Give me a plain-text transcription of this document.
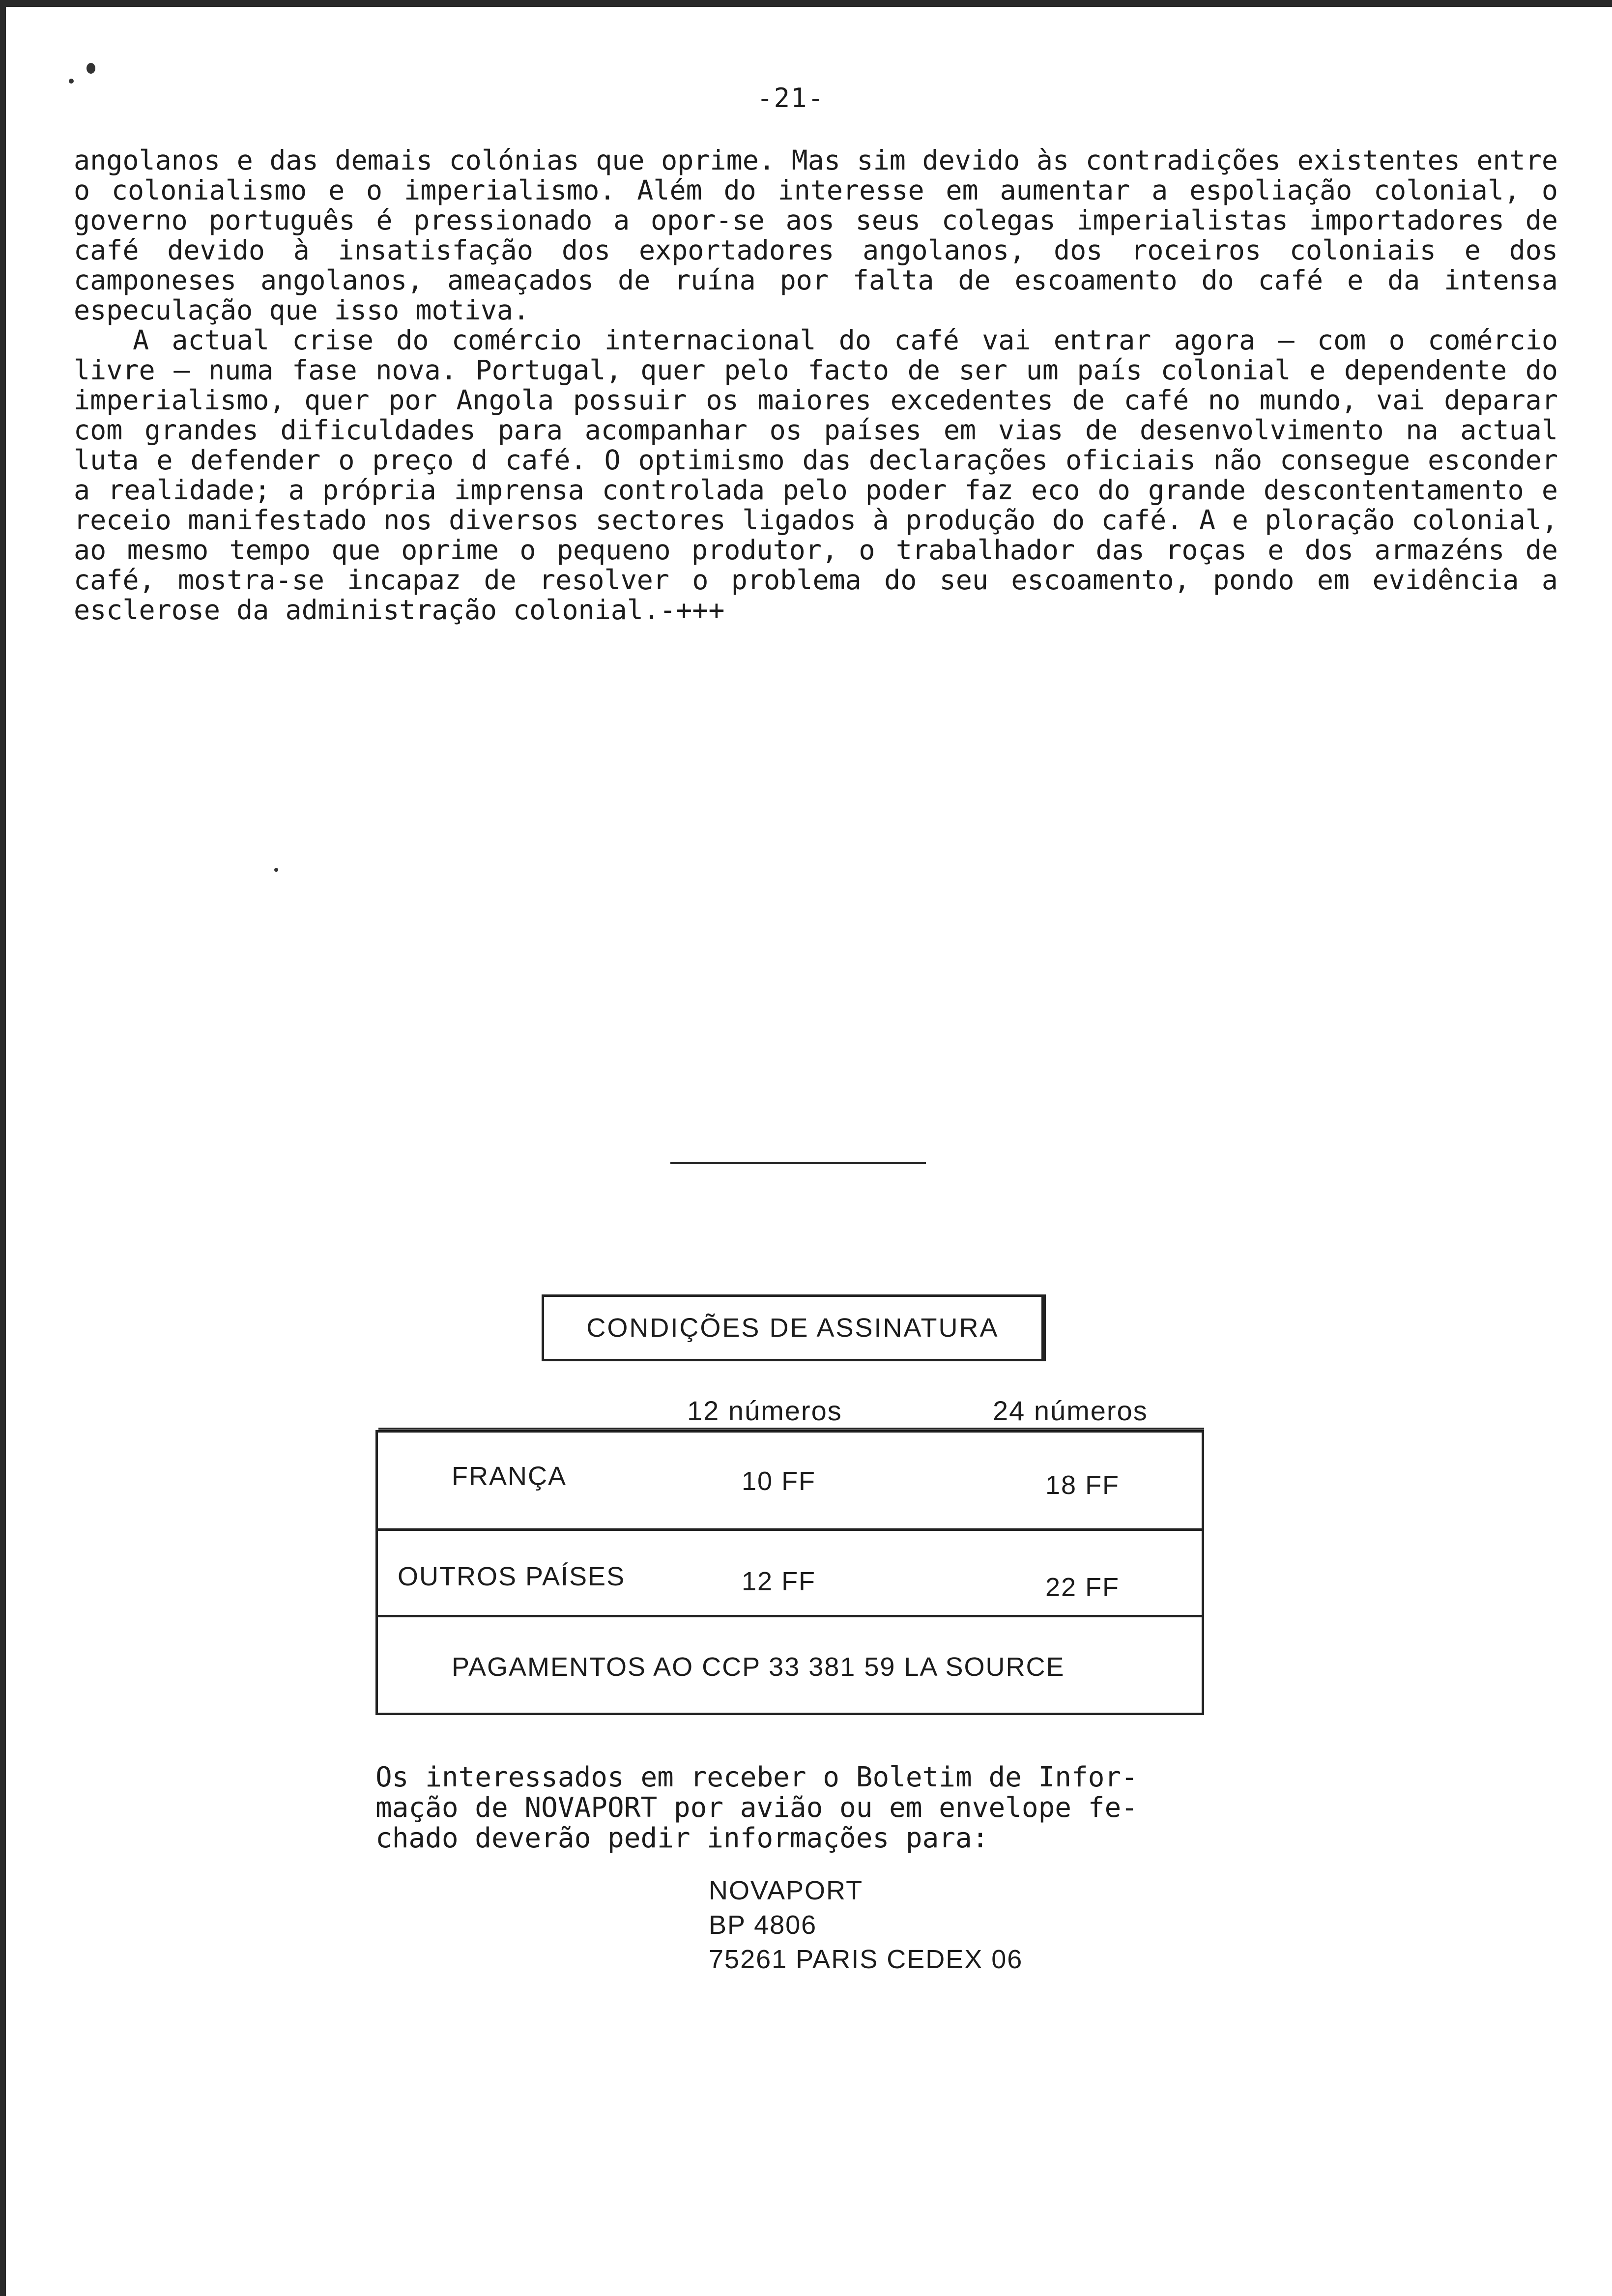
-21-

angolanos e das demais colónias que oprime. Mas sim devido às contradições existentes entre o colonialismo e o imperialismo. Além do interesse em aumentar a espoliação colonial, o governo português é pressionado a opor-se aos seus colegas imperialistas importadores de café devido à insatisfação dos exportadores angolanos, dos roceiros coloniais e dos camponeses angolanos, ameaçados de ruína por falta de escoamento do café e da intensa especulação que isso motiva.

A actual crise do comércio internacional do café vai entrar agora — com o comércio livre — numa fase nova. Portugal, quer pelo facto de ser um país colonial e dependente do imperialismo, quer por Angola possuir os maiores excedentes de café no mundo, vai deparar com grandes dificuldades para acompanhar os países em vias de desenvolvimento na actual luta e defender o preço d café. O optimismo das declarações oficiais não consegue esconder a realidade; a própria imprensa controlada pelo poder faz eco do grande descontentamento e receio manifestado nos diversos sectores ligados à produção do café. A e ploração colonial, ao mesmo tempo que oprime o pequeno produtor, o trabalhador das roças e dos armazéns de café, mostra-se incapaz de resolver o problema do seu escoamento, pondo em evidência a esclerose da administração colonial.-+++

CONDIÇÕES DE ASSINATURA
12 números	24 números
FRANÇA	10 FF	18 FF
OUTROS PAÍSES	12 FF	22 FF
PAGAMENTOS AO CCP 33 381 59 LA SOURCE
Os interessados em receber o Boletim de Infor-
mação de NOVAPORT por avião ou em envelope fe-
chado deverão pedir informações para:
NOVAPORT
BP 4806
75261 PARIS CEDEX 06
